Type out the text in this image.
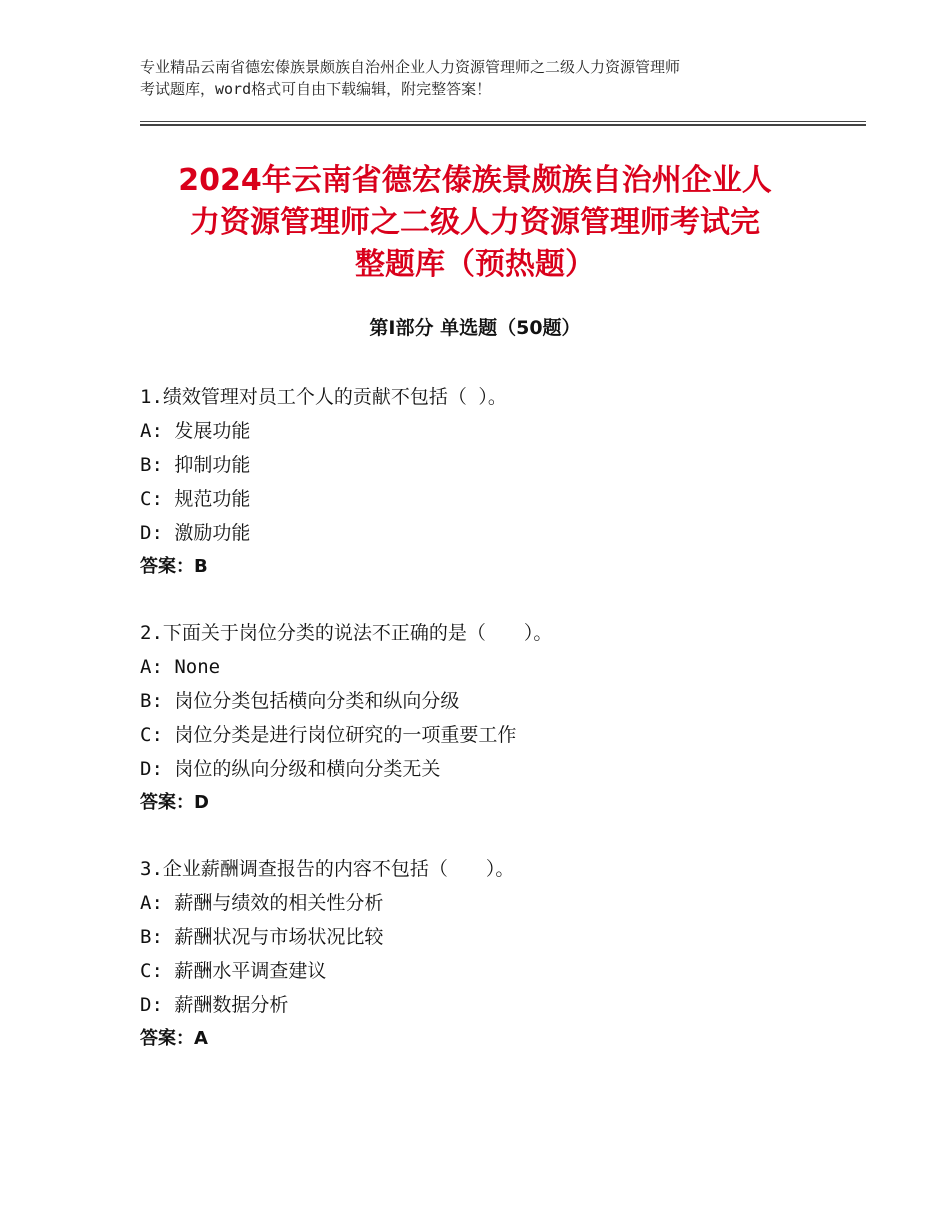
专业精品云南省德宏傣族景颇族自治州企业人力资源管理师之二级人力资源管理师
考试题库，word格式可自由下载编辑，附完整答案！
2024年云南省德宏傣族景颇族自治州企业人
力资源管理师之二级人力资源管理师考试完
整题库（预热题）
第Ⅰ部分 单选题（50题）
1.绩效管理对员工个人的贡献不包括（ ）。
A: 发展功能
B: 抑制功能
C: 规范功能
D: 激励功能
答案：B
2.下面关于岗位分类的说法不正确的是（　　）。
A: None
B: 岗位分类包括横向分类和纵向分级
C: 岗位分类是进行岗位研究的一项重要工作
D: 岗位的纵向分级和横向分类无关
答案：D
3.企业薪酬调查报告的内容不包括（　　）。
A: 薪酬与绩效的相关性分析
B: 薪酬状况与市场状况比较
C: 薪酬水平调查建议
D: 薪酬数据分析
答案：A
